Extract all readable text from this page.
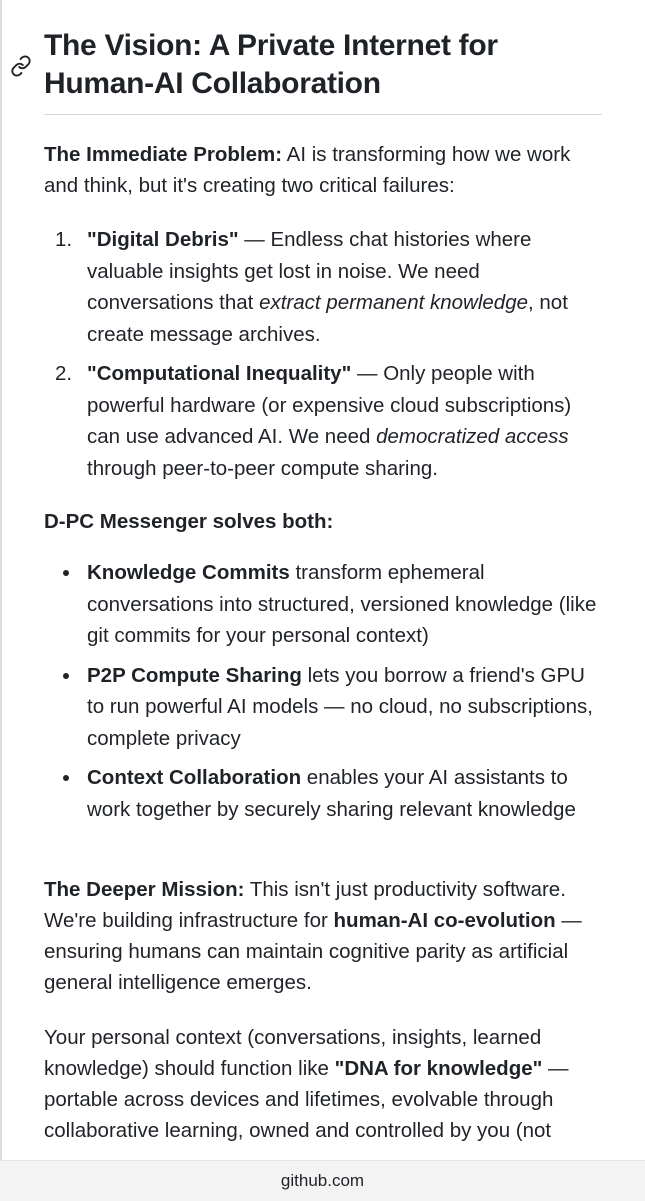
The Vision: A Private Internet for Human-AI Collaboration

The Immediate Problem: AI is transforming how we work and think, but it's creating two critical failures:

1. "Digital Debris" — Endless chat histories where valuable insights get lost in noise. We need conversations that extract permanent knowledge, not create message archives.
2. "Computational Inequality" — Only people with powerful hardware (or expensive cloud subscriptions) can use advanced AI. We need democratized access through peer-to-peer compute sharing.

D-PC Messenger solves both:

Knowledge Commits transform ephemeral conversations into structured, versioned knowledge (like git commits for your personal context)
P2P Compute Sharing lets you borrow a friend's GPU to run powerful AI models — no cloud, no subscriptions, complete privacy
Context Collaboration enables your AI assistants to work together by securely sharing relevant knowledge

The Deeper Mission: This isn't just productivity software. We're building infrastructure for human-AI co-evolution — ensuring humans can maintain cognitive parity as artificial general intelligence emerges.

Your personal context (conversations, insights, learned knowledge) should function like "DNA for knowledge" — portable across devices and lifetimes, evolvable through collaborative learning, owned and controlled by you (not

github.com
